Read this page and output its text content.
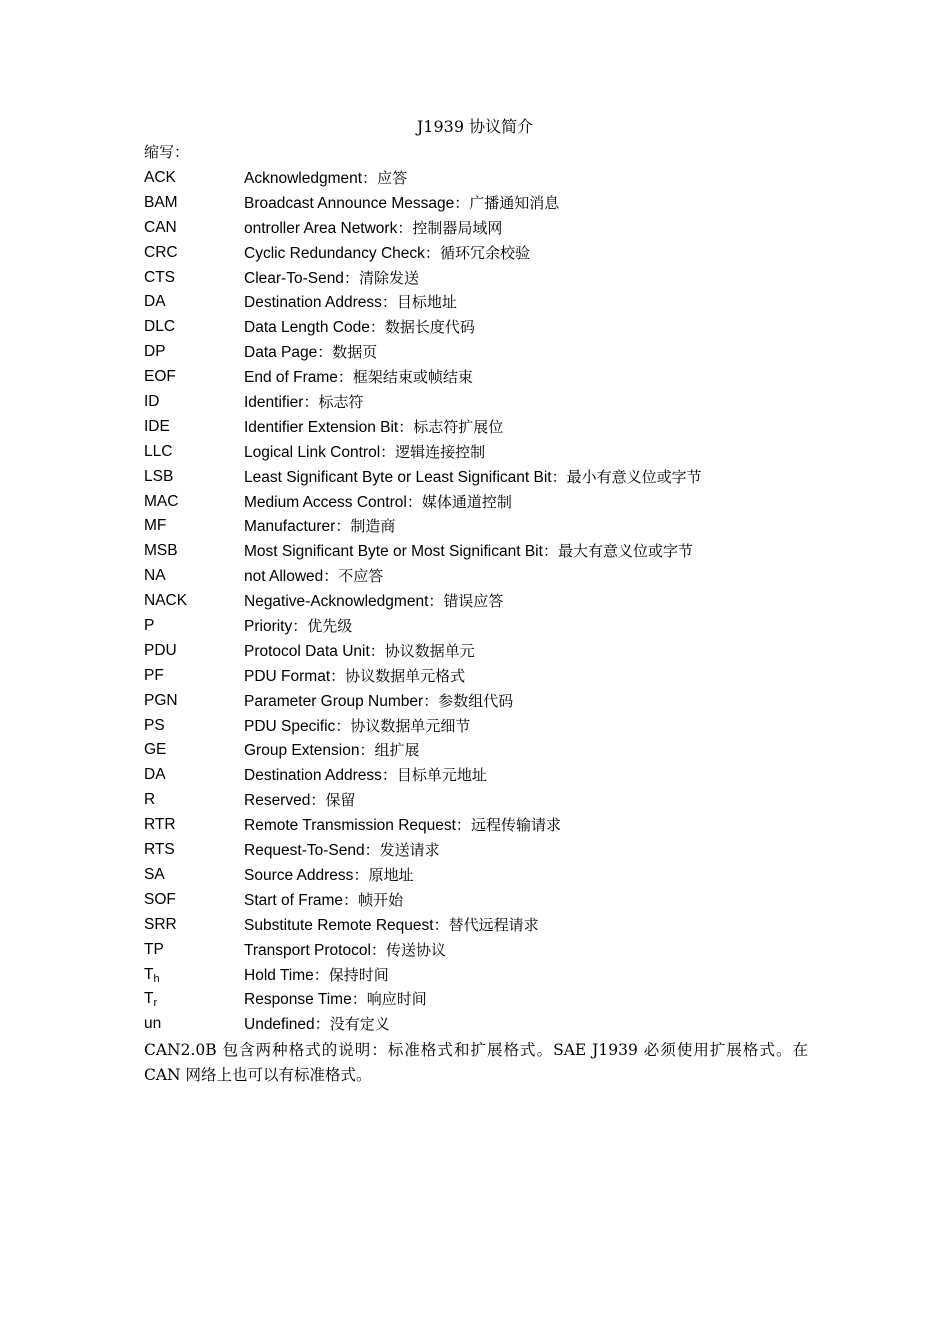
J1939 协议简介
缩写：
ACK	Acknowledgment：应答
BAM	Broadcast Announce Message：广播通知消息
CAN	ontroller Area Network：控制器局域网
CRC	Cyclic Redundancy Check：循环冗余校验
CTS	Clear-To-Send：清除发送
DA	Destination Address：目标地址
DLC	Data Length Code：数据长度代码
DP	Data Page：数据页
EOF	End of Frame：框架结束或帧结束
ID	Identifier：标志符
IDE	Identifier Extension Bit：标志符扩展位
LLC	Logical Link Control：逻辑连接控制
LSB	Least Significant Byte or Least Significant Bit：最小有意义位或字节
MAC	Medium Access Control：媒体通道控制
MF	Manufacturer：制造商
MSB	Most Significant Byte or Most Significant Bit：最大有意义位或字节
NA	not Allowed：不应答
NACK	Negative-Acknowledgment：错误应答
P	Priority：优先级
PDU	Protocol Data Unit：协议数据单元
PF	PDU Format：协议数据单元格式
PGN	Parameter Group Number：参数组代码
PS	PDU Specific：协议数据单元细节
GE	Group Extension：组扩展
DA	Destination Address：目标单元地址
R	Reserved：保留
RTR	Remote Transmission Request：远程传输请求
RTS	Request-To-Send：发送请求
SA	Source Address：原地址
SOF	Start of Frame：帧开始
SRR	Substitute Remote Request：替代远程请求
TP	Transport Protocol：传送协议
$T_h$	Hold Time：保持时间
$T_r$	Response Time：响应时间
un	Undefined：没有定义
CAN2.0B 包含两种格式的说明：标准格式和扩展格式。SAE J1939 必须使用扩展格式。在CAN 网络上也可以有标准格式。
